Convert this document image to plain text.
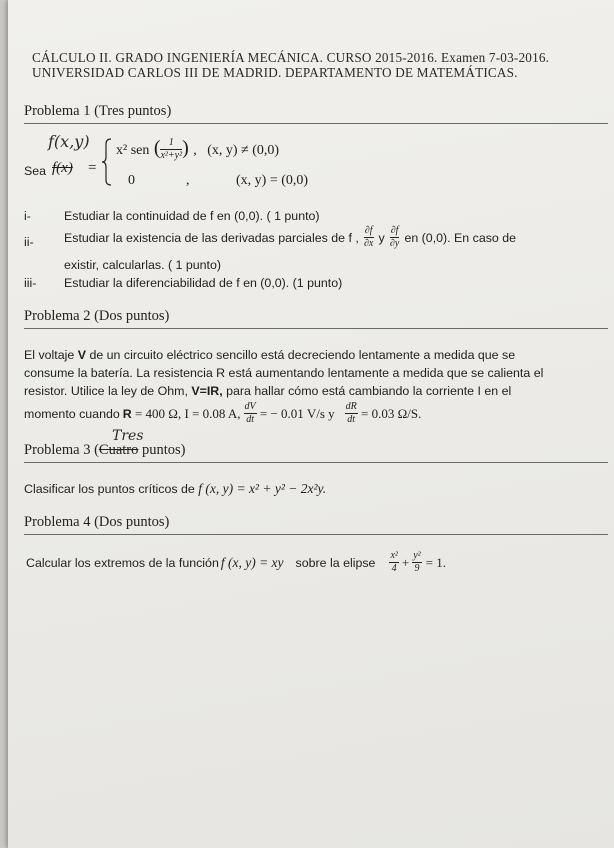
CÁLCULO II. GRADO INGENIERÍA MECÁNICA. CURSO 2015-2016. Examen 7-03-2016.
UNIVERSIDAD CARLOS III DE MADRID. DEPARTAMENTO DE MATEMÁTICAS.
Problema 1 (Tres puntos)
Sea
f(x,y)
f(x) =
x² sen ( $\frac{1}{\text{x²+y²}}$ ) ,   (x, y) ≠ (0,0)
0	,	(x, y) = (0,0)
i-	Estudiar la continuidad de f en (0,0). ( 1 punto)
ii- Estudiar la existencia de las derivadas parciales de f , $\frac{\partial f}{\partial x}$ y $\frac{\partial f}{\partial y}$ en (0,0). En caso de
existir, calcularlas. ( 1 punto)
iii- Estudiar la diferenciabilidad de f en (0,0). (1 punto)
Problema 2 (Dos puntos)
El voltaje V de un circuito eléctrico sencillo está decreciendo lentamente a medida que se
consume la batería. La resistencia R está aumentando lentamente a medida que se calienta el
resistor. Utilice la ley de Ohm, V=IR, para hallar cómo está cambiando la corriente I en el
momento cuando R = 400 Ω, I = 0.08 A, $\frac{dV}{dt}$ = − 0.01 V/s y $\frac{dR}{dt} = 0.03$ Ω/S.
Tres
Problema 3 (Cuatro puntos)
Clasificar los puntos críticos de f (x, y) = x² + y² − 2x²y.
Problema 4 (Dos puntos)
Calcular los extremos de la función f (x, y) = xy sobre la elipse $\frac{\text{x²}}{4} + \frac{\text{y²}}{9} = 1$.
